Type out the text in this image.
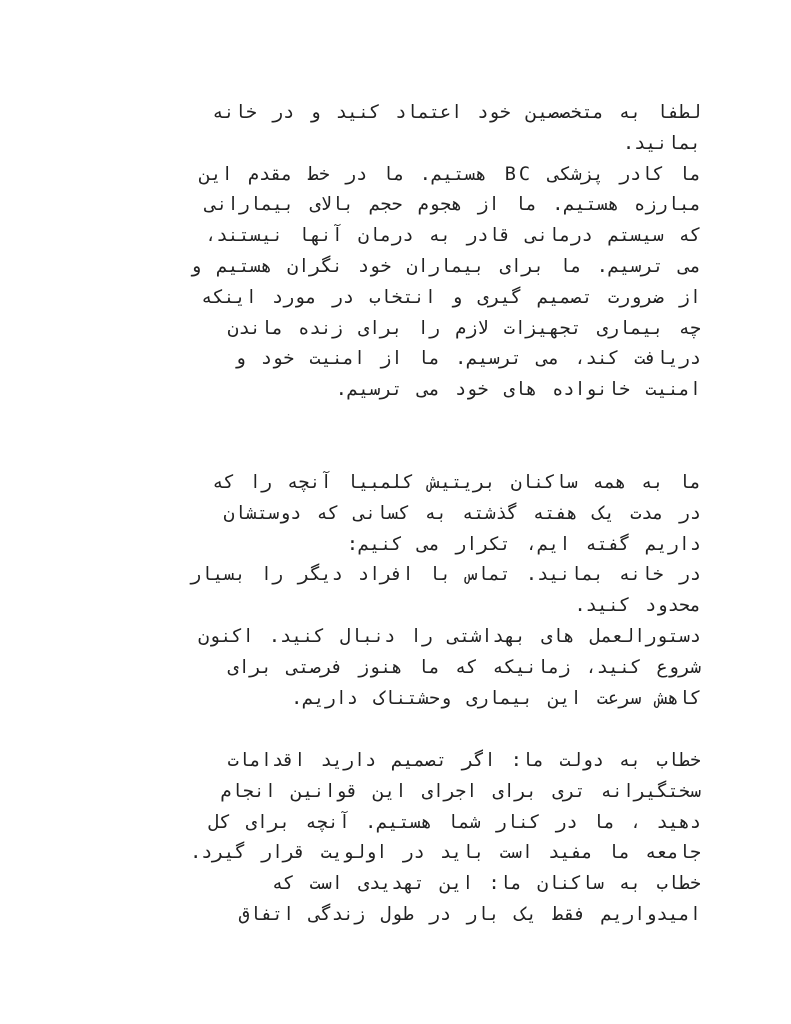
لطفا به متخصصین خود اعتماد کنید و در خانه
بمانید.
ما کادر پزشکی BC هستیم. ما در خط مقدم این
مبارزه هستیم. ما از هجوم حجم بالای بیمارانی
که سیستم درمانی قادر به درمان آنها نیستند،
می ترسیم. ما برای بیماران خود نگران هستیم و
از ضرورت تصمیم گیری و انتخاب در مورد اینکه
چه بیماری تجهیزات لازم را برای زنده ماندن
دریافت کند، می ترسیم. ما از امنیت خود و
امنیت خانواده های خود می ترسیم.
ما به همه ساکنان بریتیش کلمبیا آنچه را که
در مدت یک هفته گذشته به کسانی که دوستشان
داریم گفته ایم، تکرار می کنیم:
در خانه بمانید. تماس با افراد دیگر را بسیار
محدود کنید.
دستورالعمل های بهداشتی را دنبال کنید. اکنون
شروع کنید، زمانیکه که ما هنوز فرصتی برای
کاهش سرعت این بیماری وحشتناک داریم.
خطاب به دولت ما: اگر تصمیم دارید اقدامات
سختگیرانه تری برای اجرای این قوانین انجام
دهید ، ما در کنار شما هستیم. آنچه برای کل
جامعه ما مفید است باید در اولویت قرار گیرد.
خطاب به ساکنان ما: این تهدیدی است که
امیدواریم فقط یک بار در طول زندگی اتفاق
